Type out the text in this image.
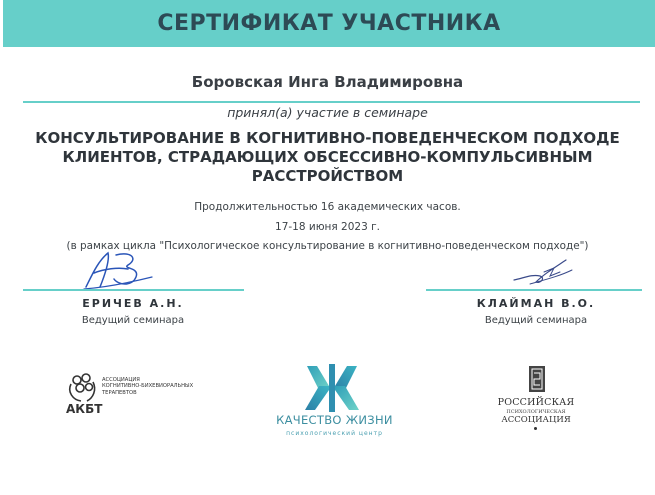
СЕРТИФИКАТ УЧАСТНИКА
Боровская Инга Владимировна
принял(а) участие в семинаре
КОНСУЛЬТИРОВАНИЕ В КОГНИТИВНО-ПОВЕДЕНЧЕСКОМ ПОДХОДЕ
КЛИЕНТОВ, СТРАДАЮЩИХ ОБСЕССИВНО-КОМПУЛЬСИВНЫМ
РАССТРОЙСТВОМ
Продолжительностью 16 академических часов.
17-18 июня 2023 г.
(в рамках цикла "Психологическое консультирование в когнитивно-поведенческом подходе")
ЕРИЧЕВ А.Н.
Ведущий семинара
КЛАЙМАН В.О.
Ведущий семинара
АССОЦИАЦИЯ
КОГНИТИВНО-БИХЕВИОРАЛЬНЫХ
ТЕРАПЕВТОВ
АКБТ
КАЧЕСТВО ЖИЗНИ
психологический центр
РОССИЙСКАЯ
ПСИХОЛОГИЧЕСКАЯ
АССОЦИАЦИЯ
